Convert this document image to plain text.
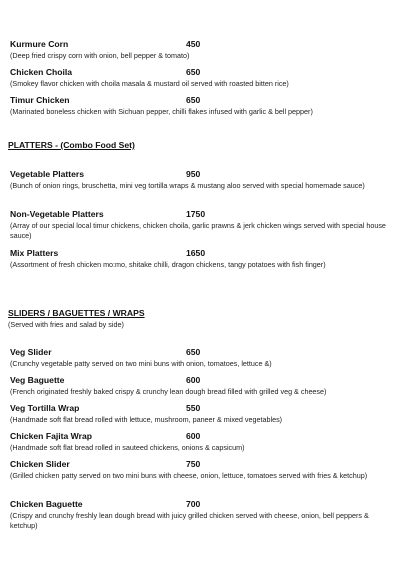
Kurmure Corn	450
(Deep fried crispy corn with onion, bell pepper & tomato)
Chicken Choila	650
(Smokey flavor chicken with choila masala & mustard oil served with roasted bitten rice)
Timur Chicken	650
(Marinated boneless chicken with Sichuan pepper, chilli flakes infused with garlic & bell pepper)
PLATTERS - (Combo Food Set)
Vegetable Platters	950
(Bunch of onion rings, bruschetta, mini veg tortilla wraps & mustang aloo served with special homemade sauce)
Non-Vegetable Platters	1750
(Array of our special local timur chickens, chicken choila, garlic prawns & jerk chicken wings served with special house sauce)
Mix Platters	1650
(Assortment of fresh chicken mo:mo, shitake chilli, dragon chickens, tangy potatoes with fish finger)
SLIDERS / BAGUETTES / WRAPS
(Served with fries and salad by side)
Veg Slider	650
(Crunchy vegetable patty served on two mini buns with onion, tomatoes, lettuce &)
Veg Baguette	600
(French originated freshly baked crispy & crunchy lean dough bread filled with grilled veg & cheese)
Veg Tortilla Wrap	550
(Handmade soft flat bread rolled with lettuce, mushroom, paneer & mixed vegetables)
Chicken Fajita Wrap	600
(Handmade soft flat bread rolled in sauteed chickens, onions & capsicum)
Chicken Slider	750
(Grilled chicken patty served on two mini buns with cheese, onion, lettuce, tomatoes served with fries & ketchup)
Chicken Baguette	700
(Crispy and crunchy freshly lean dough bread with juicy grilled chicken served with cheese, onion, bell peppers & ketchup)
